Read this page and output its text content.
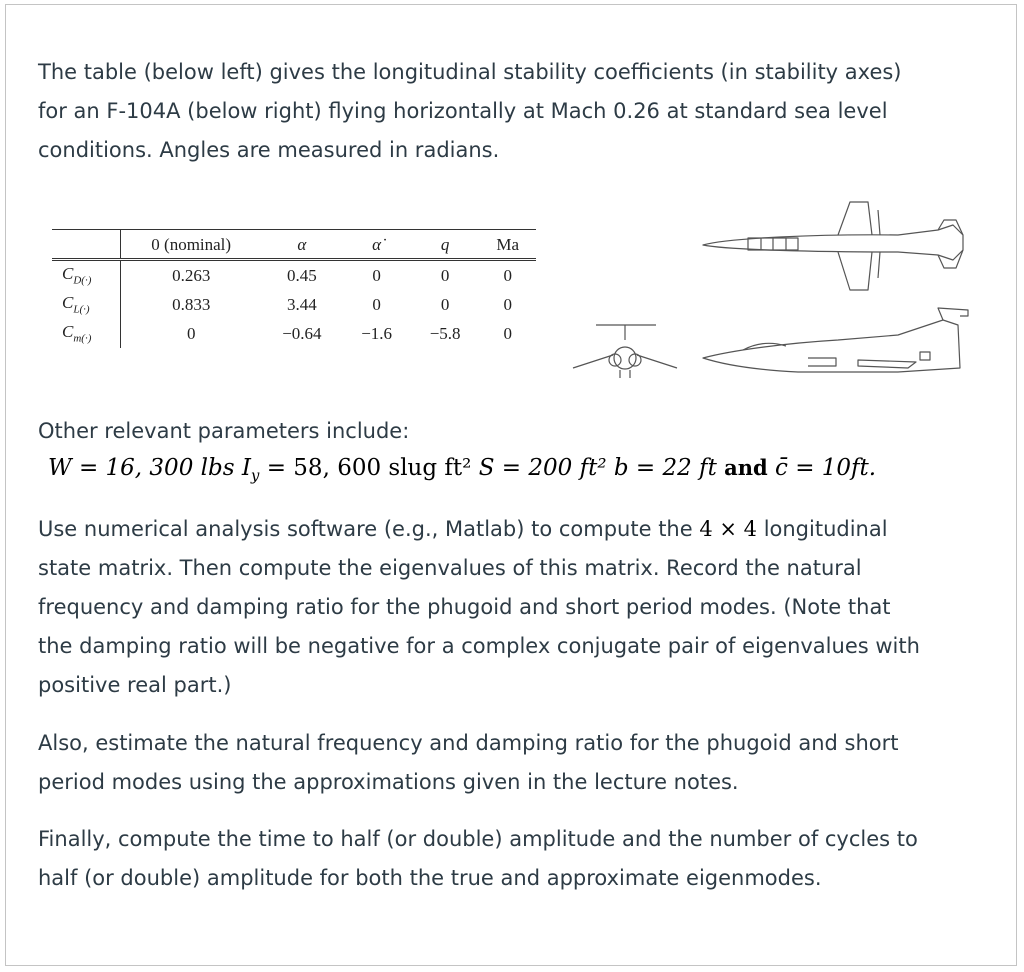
The table (below left) gives the longitudinal stability coefficients (in stability axes)
for an F-104A (below right) flying horizontally at Mach 0.26 at standard sea level
conditions. Angles are measured in radians.
	0 (nominal)	α	α̇	q	Ma
$C_{D(\cdot)}$	0.263	0.45	0	0	0
$C_{L(\cdot)}$	0.833	3.44	0	0	0
$C_{m(\cdot)}$	0	−0.64	−1.6	−5.8	0
Other relevant parameters include:
W = 16, 300 lbs $I_y = 58$, 600 slug ft² S = 200 ft² b = 22 ft and c̄ = 10ft.
Use numerical analysis software (e.g., Matlab) to compute the 4 × 4 longitudinal
state matrix. Then compute the eigenvalues of this matrix. Record the natural
frequency and damping ratio for the phugoid and short period modes. (Note that
the damping ratio will be negative for a complex conjugate pair of eigenvalues with
positive real part.)
Also, estimate the natural frequency and damping ratio for the phugoid and short
period modes using the approximations given in the lecture notes.
Finally, compute the time to half (or double) amplitude and the number of cycles to
half (or double) amplitude for both the true and approximate eigenmodes.
